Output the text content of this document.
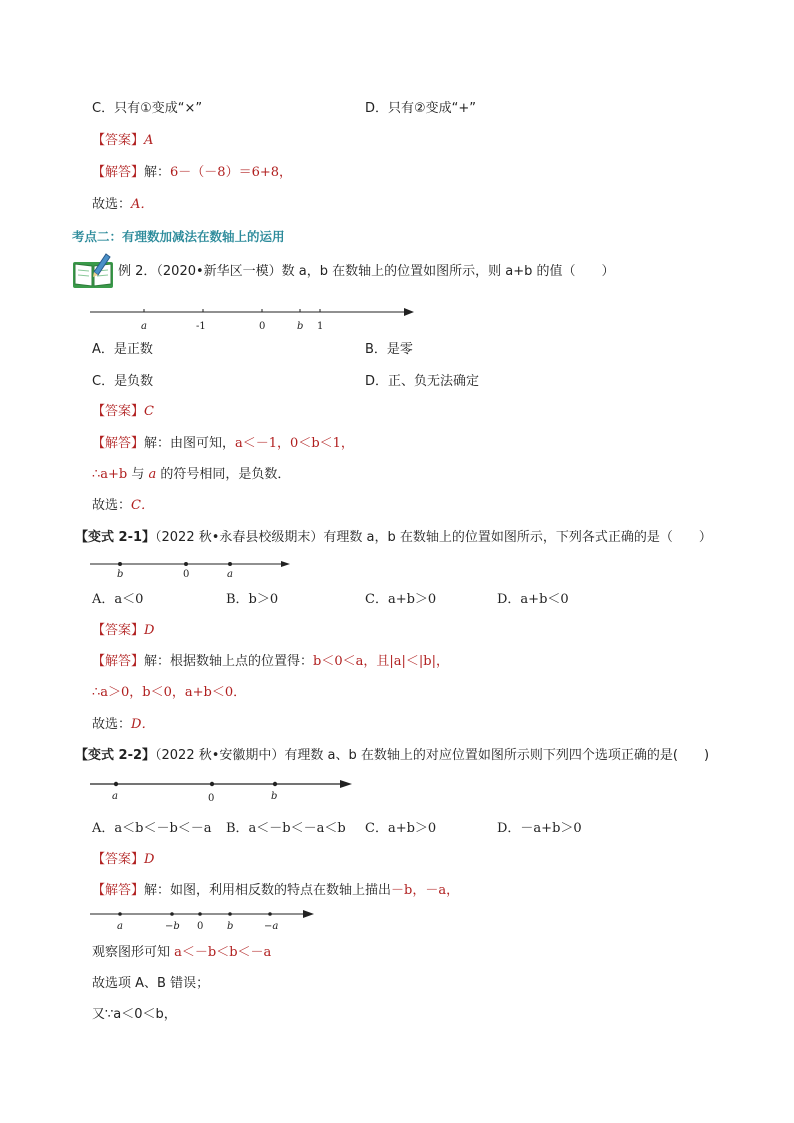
C．只有①变成“×”	D．只有②变成“+”
【答案】A
【解答】解：6－（－8）＝6+8，
故选：A．
考点二：有理数加减法在数轴上的运用
例 2．（2020•新华区一模）数 a，b 在数轴上的位置如图所示，则 a+b 的值（　　）
a	-1	0	b 1
A．是正数	B．是零
C．是负数	D．正、负无法确定
【答案】C
【解答】解：由图可知，a＜－1，0＜b＜1，
∴a+b 与 a 的符号相同，是负数．
故选：C．
【变式 2-1】（2022 秋•永春县校级期末）有理数 a，b 在数轴上的位置如图所示，下列各式正确的是（　　）
b	0	a
A．a＜0	B．b＞0	C．a+b＞0	D．a+b＜0
【答案】D
【解答】解：根据数轴上点的位置得：b＜0＜a，且|a|＜|b|，
∴a＞0，b＜0，a+b＜0．
故选：D．
【变式 2-2】（2022 秋•安徽期中）有理数 a、b 在数轴上的对应位置如图所示则下列四个选项正确的是(　　)
a	0	b
A．a＜b＜－b＜－a B．a＜－b＜－a＜b C．a+b＞0	D．－a+b＞0
【答案】D
【解答】解：如图，利用相反数的特点在数轴上描出－b，－a，
a	−b 0 b	−a
观察图形可知 a＜－b＜b＜－a
故选项 A、B 错误；
又∵a＜0＜b，
